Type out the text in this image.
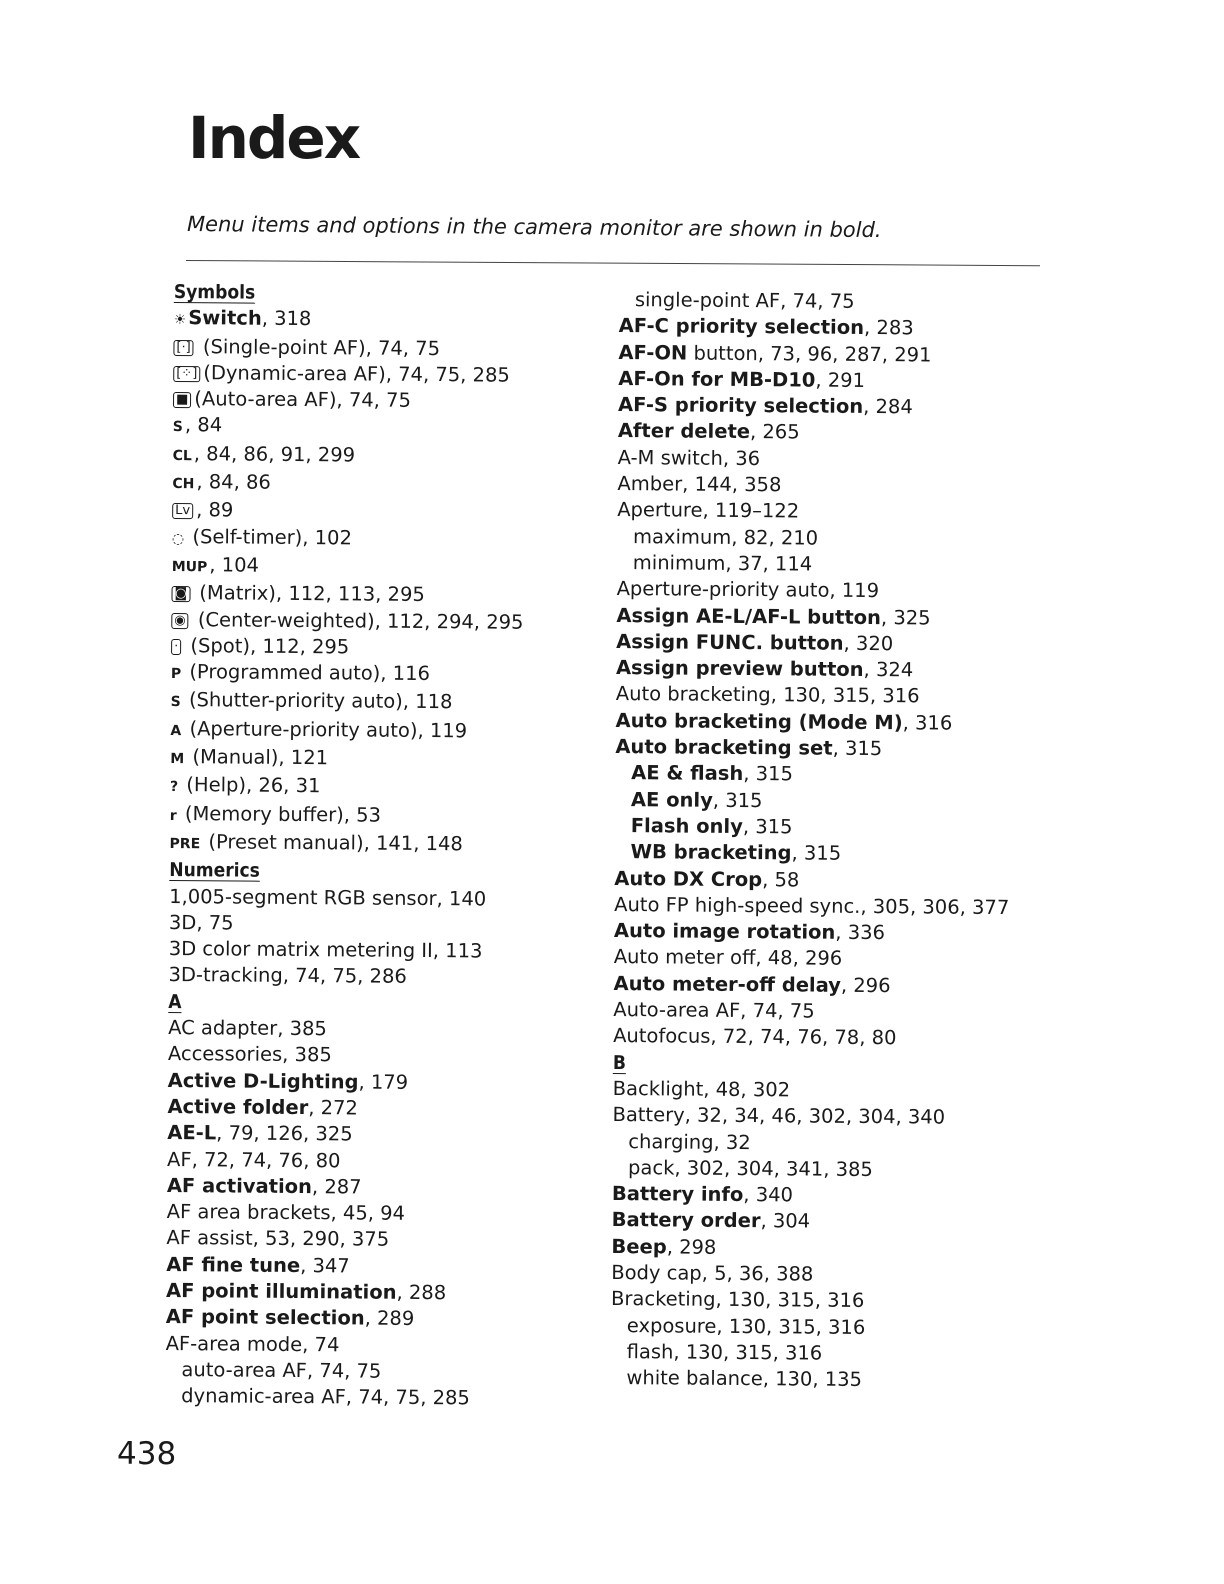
Index

Menu items and options in the camera monitor are shown in bold.

Symbols
☀Switch, 318
[·] (Single-point AF), 74, 75
[⁘] (Dynamic-area AF), 74, 75, 285
■ (Auto-area AF), 74, 75
S, 84
CL, 84, 86, 91, 299
CH, 84, 86
Lv , 89
◌ (Self-timer), 102
MUP, 104
◙ (Matrix), 112, 113, 295
◉ (Center-weighted), 112, 294, 295
· (Spot), 112, 295
P (Programmed auto), 116
S (Shutter-priority auto), 118
A (Aperture-priority auto), 119
M (Manual), 121
? (Help), 26, 31
r (Memory buffer), 53
PRE (Preset manual), 141, 148
Numerics
1,005-segment RGB sensor, 140
3D, 75
3D color matrix metering II, 113
3D-tracking, 74, 75, 286
A
AC adapter, 385
Accessories, 385
Active D-Lighting, 179
Active folder, 272
AE-L, 79, 126, 325
AF, 72, 74, 76, 80
AF activation, 287
AF area brackets, 45, 94
AF assist, 53, 290, 375
AF fine tune, 347
AF point illumination, 288
AF point selection, 289
AF-area mode, 74
auto-area AF, 74, 75
dynamic-area AF, 74, 75, 285
single-point AF, 74, 75
AF-C priority selection, 283
AF-ON button, 73, 96, 287, 291
AF-On for MB-D10, 291
AF-S priority selection, 284
After delete, 265
A-M switch, 36
Amber, 144, 358
Aperture, 119–122
maximum, 82, 210
minimum, 37, 114
Aperture-priority auto, 119
Assign AE-L/AF-L button, 325
Assign FUNC. button, 320
Assign preview button, 324
Auto bracketing, 130, 315, 316
Auto bracketing (Mode M), 316
Auto bracketing set, 315
AE & flash, 315
AE only, 315
Flash only, 315
WB bracketing, 315
Auto DX Crop, 58
Auto FP high-speed sync., 305, 306, 377
Auto image rotation, 336
Auto meter off, 48, 296
Auto meter-off delay, 296
Auto-area AF, 74, 75
Autofocus, 72, 74, 76, 78, 80
B
Backlight, 48, 302
Battery, 32, 34, 46, 302, 304, 340
charging, 32
pack, 302, 304, 341, 385
Battery info, 340
Battery order, 304
Beep, 298
Body cap, 5, 36, 388
Bracketing, 130, 315, 316
exposure, 130, 315, 316
flash, 130, 315, 316
white balance, 130, 135

438
